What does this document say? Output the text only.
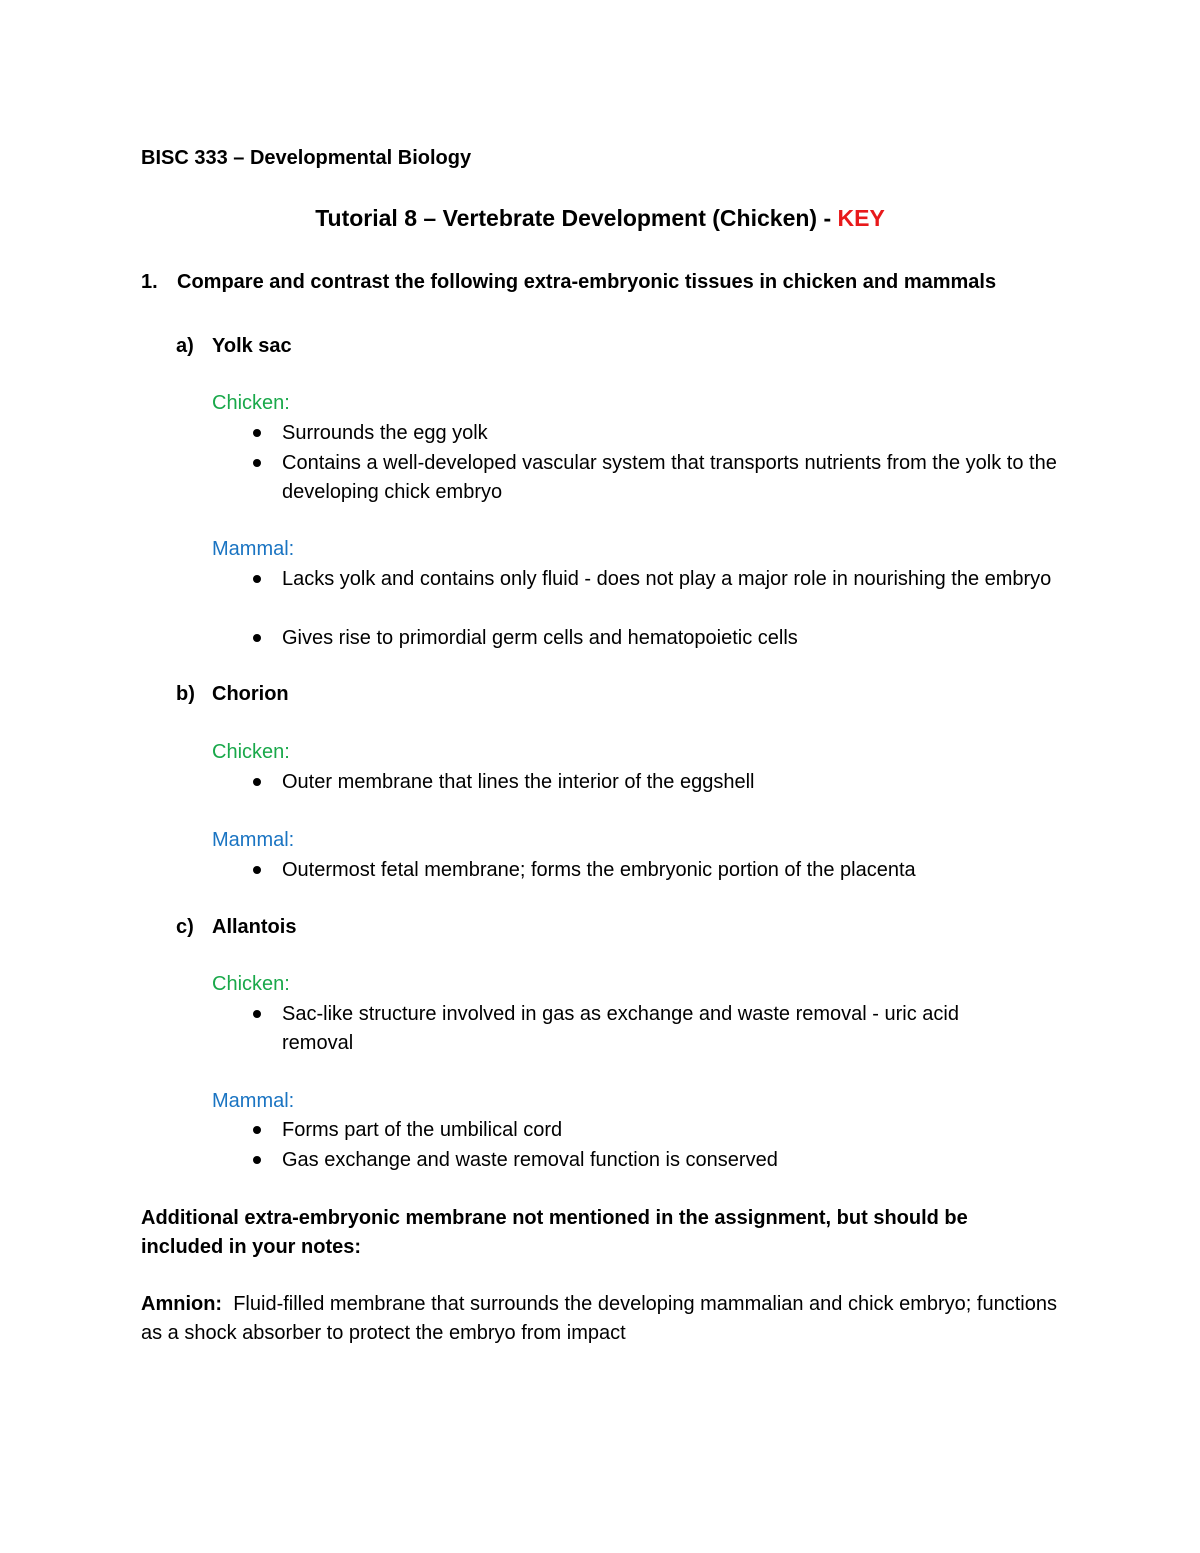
BISC 333 – Developmental Biology
Tutorial 8 – Vertebrate Development (Chicken) - KEY
1. Compare and contrast the following extra-embryonic tissues in chicken and mammals
a) Yolk sac
Chicken:
Surrounds the egg yolk
Contains a well-developed vascular system that transports nutrients from the yolk to the developing chick embryo
Mammal:
Lacks yolk and contains only fluid - does not play a major role in nourishing the embryo
Gives rise to primordial germ cells and hematopoietic cells
b) Chorion
Chicken:
Outer membrane that lines the interior of the eggshell
Mammal:
Outermost fetal membrane; forms the embryonic portion of the placenta
c) Allantois
Chicken:
Sac-like structure involved in gas as exchange and waste removal - uric acid removal
Mammal:
Forms part of the umbilical cord
Gas exchange and waste removal function is conserved
Additional extra-embryonic membrane not mentioned in the assignment, but should be included in your notes:
Amnion: Fluid-filled membrane that surrounds the developing mammalian and chick embryo; functions as a shock absorber to protect the embryo from impact
